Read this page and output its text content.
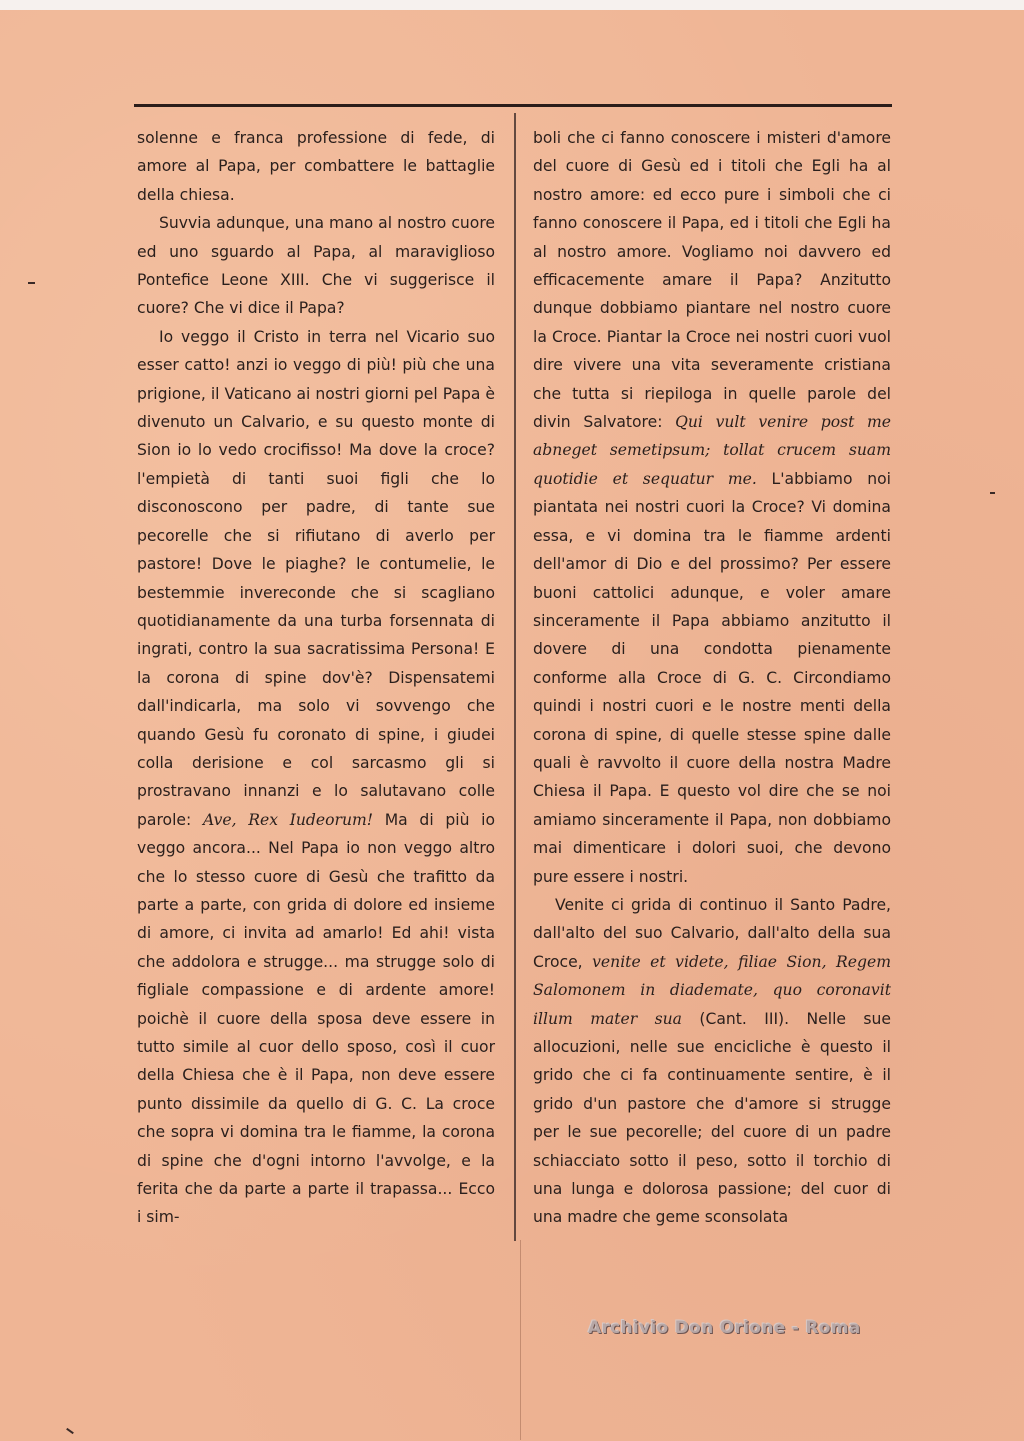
solenne e franca professione di fede, di amore al Papa, per combattere le battaglie della chiesa.

Suvvia adunque, una mano al nostro cuore ed uno sguardo al Papa, al maraviglioso Pontefice Leone XIII. Che vi suggerisce il cuore? Che vi dice il Papa?

Io veggo il Cristo in terra nel Vicario suo esser catto! anzi io veggo di più! più che una prigione, il Vaticano ai nostri giorni pel Papa è divenuto un Calvario, e su questo monte di Sion io lo vedo crocifisso! Ma dove la croce? l'empietà di tanti suoi figli che lo disconoscono per padre, di tante sue pecorelle che si rifiutano di averlo per pastore! Dove le piaghe? le contumelie, le bestemmie invereconde che si scagliano quotidianamente da una turba forsennata di ingrati, contro la sua sacratissima Persona! E la corona di spine dov'è? Dispensatemi dall'indicarla, ma solo vi sovvengo che quando Gesù fu coronato di spine, i giudei colla derisione e col sarcasmo gli si prostravano innanzi e lo salutavano colle parole: Ave, Rex Iudeorum! Ma di più io veggo ancora... Nel Papa io non veggo altro che lo stesso cuore di Gesù che trafitto da parte a parte, con grida di dolore ed insieme di amore, ci invita ad amarlo! Ed ahi! vista che addolora e strugge... ma strugge solo di figliale compassione e di ardente amore! poichè il cuore della sposa deve essere in tutto simile al cuor dello sposo, così il cuor della Chiesa che è il Papa, non deve essere punto dissimile da quello di G. C. La croce che sopra vi domina tra le fiamme, la corona di spine che d'ogni intorno l'avvolge, e la ferita che da parte a parte il trapassa... Ecco i sim-

boli che ci fanno conoscere i misteri d'amore del cuore di Gesù ed i titoli che Egli ha al nostro amore: ed ecco pure i simboli che ci fanno conoscere il Papa, ed i titoli che Egli ha al nostro amore. Vogliamo noi davvero ed efficacemente amare il Papa? Anzitutto dunque dobbiamo piantare nel nostro cuore la Croce. Piantar la Croce nei nostri cuori vuol dire vivere una vita severamente cristiana che tutta si riepiloga in quelle parole del divin Salvatore: Qui vult venire post me abneget semetipsum; tollat crucem suam quotidie et sequatur me. L'abbiamo noi piantata nei nostri cuori la Croce? Vi domina essa, e vi domina tra le fiamme ardenti dell'amor di Dio e del prossimo? Per essere buoni cattolici adunque, e voler amare sinceramente il Papa abbiamo anzitutto il dovere di una condotta pienamente conforme alla Croce di G. C. Circondiamo quindi i nostri cuori e le nostre menti della corona di spine, di quelle stesse spine dalle quali è ravvolto il cuore della nostra Madre Chiesa il Papa. E questo vol dire che se noi amiamo sinceramente il Papa, non dobbiamo mai dimenticare i dolori suoi, che devono pure essere i nostri.

Venite ci grida di continuo il Santo Padre, dall'alto del suo Calvario, dall'alto della sua Croce, venite et videte, filiae Sion, Regem Salomonem in diademate, quo coronavit illum mater sua (Cant. III). Nelle sue allocuzioni, nelle sue encicliche è questo il grido che ci fa continuamente sentire, è il grido d'un pastore che d'amore si strugge per le sue pecorelle; del cuore di un padre schiacciato sotto il peso, sotto il torchio di una lunga e dolorosa passione; del cuor di una madre che geme sconsolata

Archivio Don Orione - Roma
